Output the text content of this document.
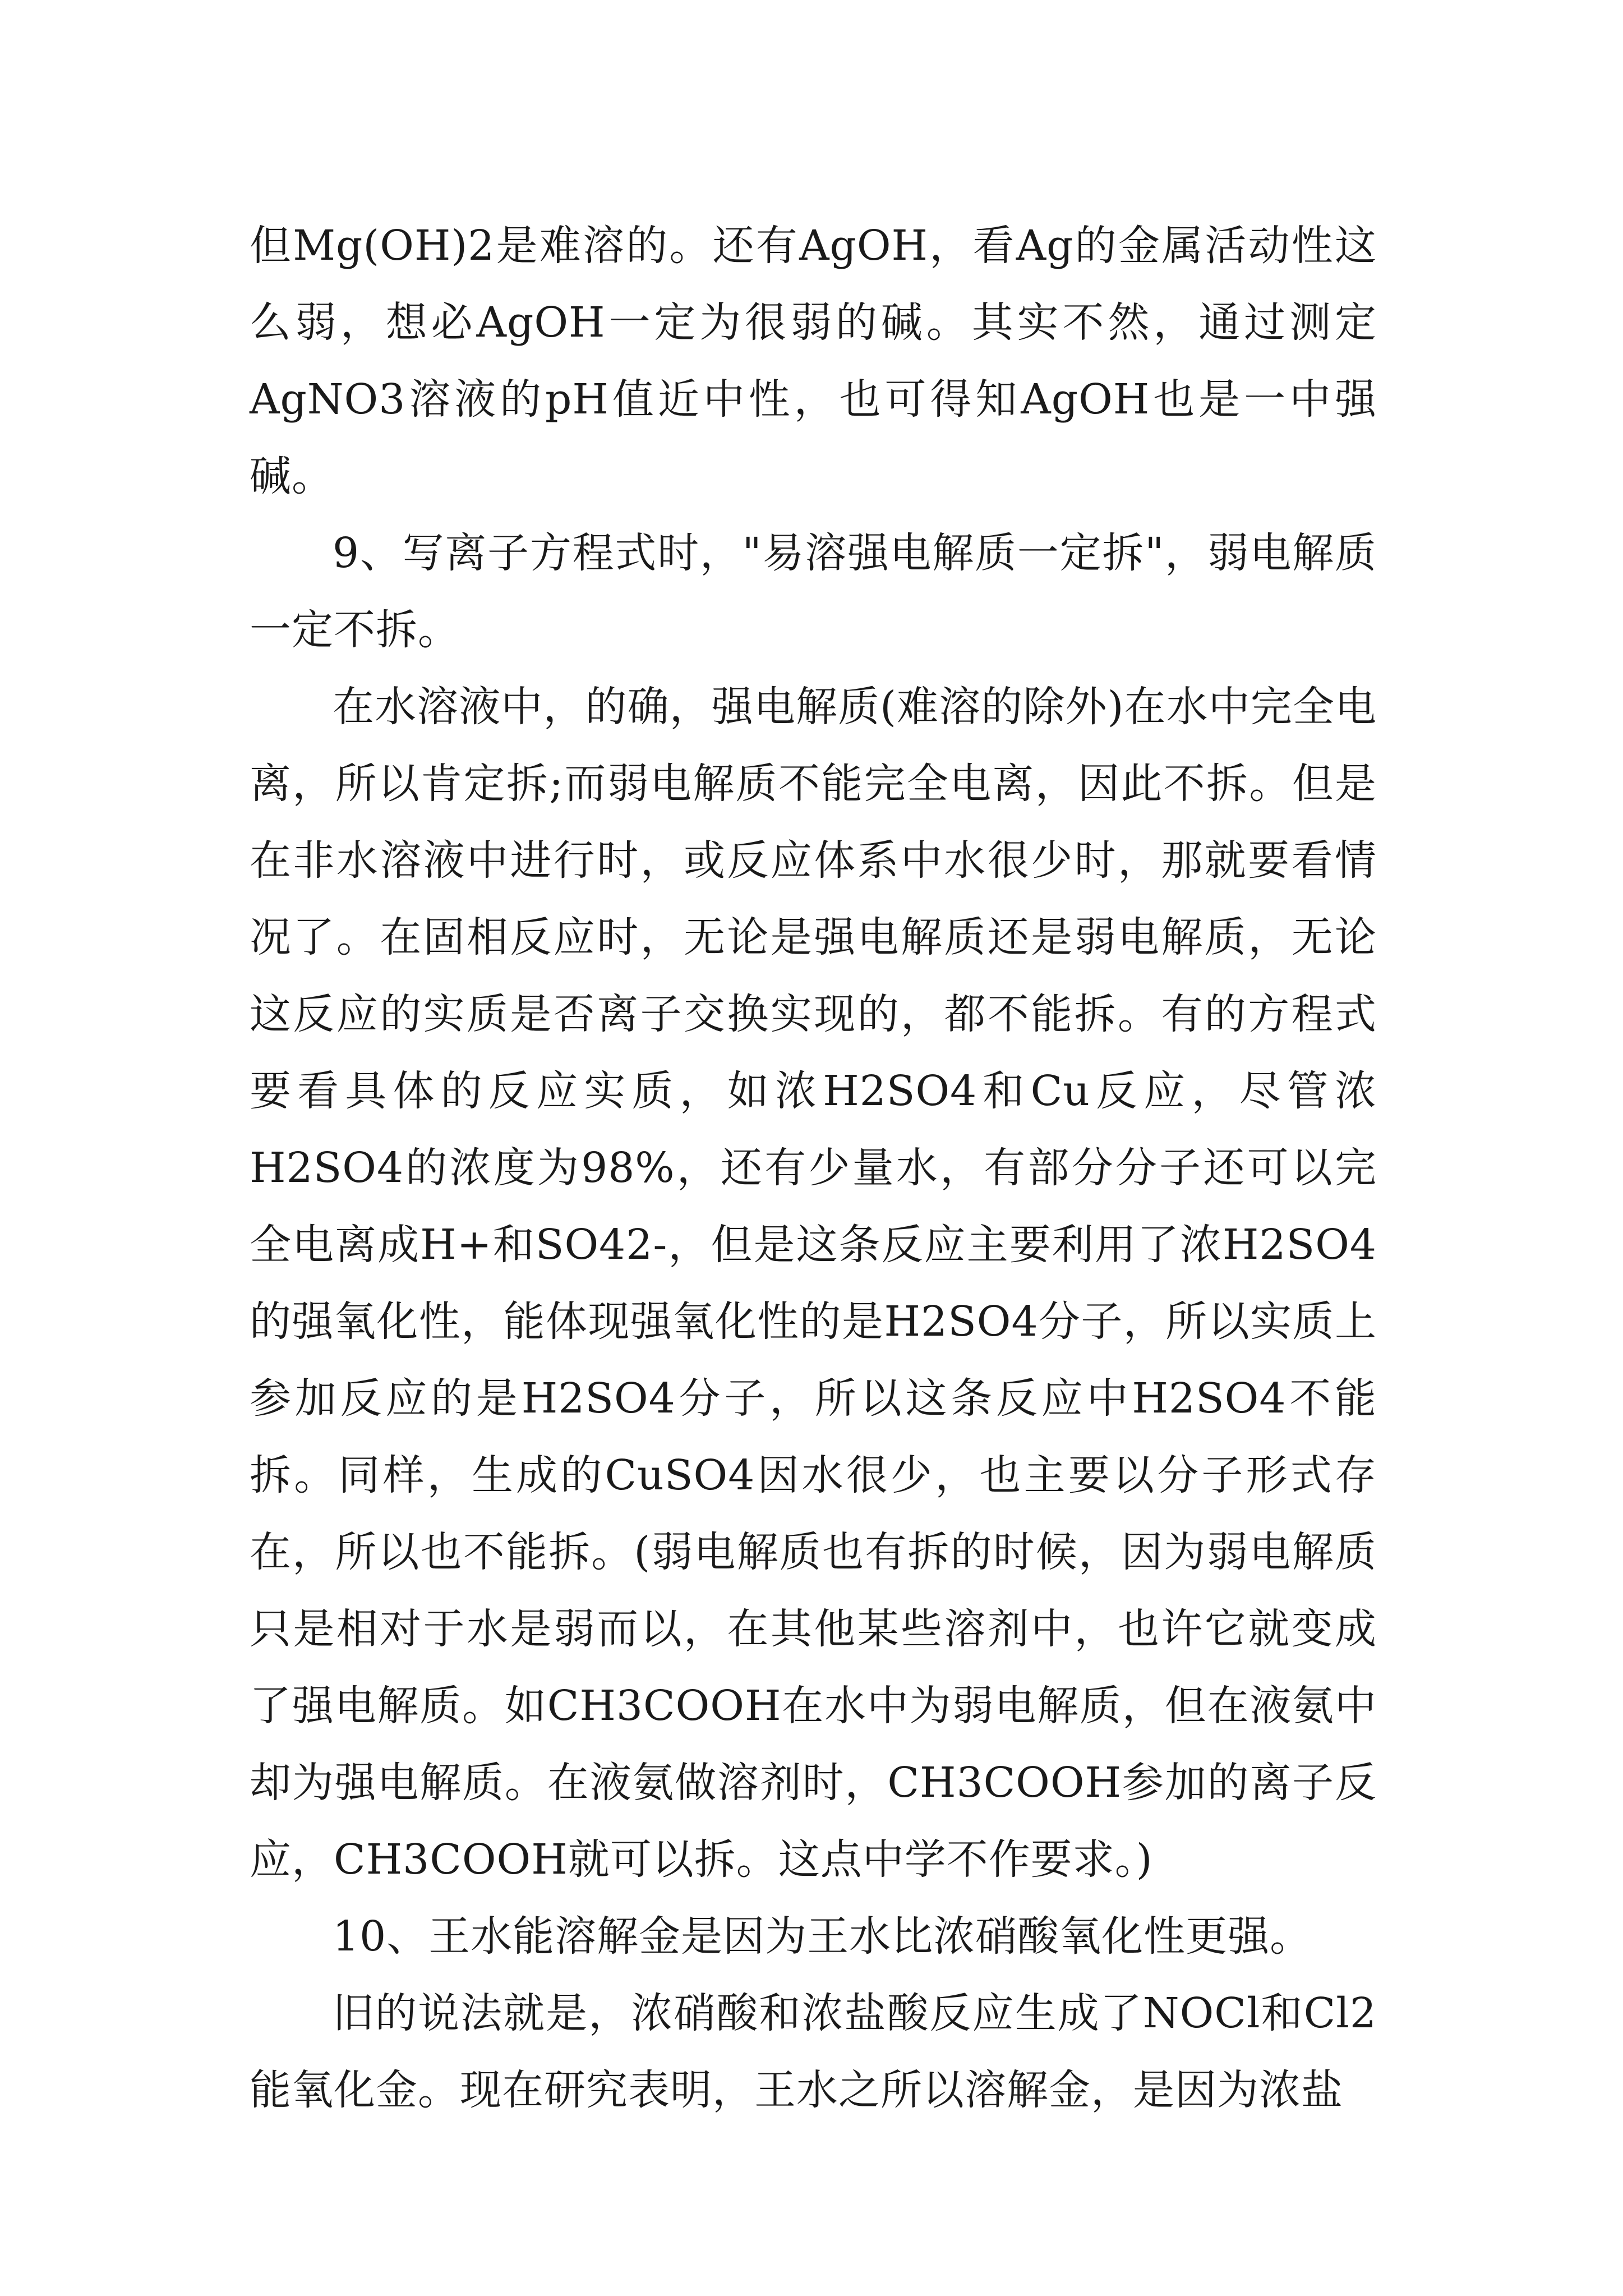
但Mg(OH)2是难溶的。还有AgOH，看Ag的金属活动性这么弱，想必AgOH一定为很弱的碱。其实不然，通过测定AgNO3溶液的pH值近中性，也可得知AgOH也是一中强碱。

9、写离子方程式时，"易溶强电解质一定拆"，弱电解质一定不拆。

在水溶液中，的确，强电解质(难溶的除外)在水中完全电离，所以肯定拆;而弱电解质不能完全电离，因此不拆。但是在非水溶液中进行时，或反应体系中水很少时，那就要看情况了。在固相反应时，无论是强电解质还是弱电解质，无论这反应的实质是否离子交换实现的，都不能拆。有的方程式要看具体的反应实质，如浓H2SO4和Cu反应，尽管浓H2SO4的浓度为98%，还有少量水，有部分分子还可以完全电离成H+和SO42-，但是这条反应主要利用了浓H2SO4的强氧化性，能体现强氧化性的是H2SO4分子，所以实质上参加反应的是H2SO4分子，所以这条反应中H2SO4不能拆。同样，生成的CuSO4因水很少，也主要以分子形式存在，所以也不能拆。(弱电解质也有拆的时候，因为弱电解质只是相对于水是弱而以，在其他某些溶剂中，也许它就变成了强电解质。如CH3COOH在水中为弱电解质，但在液氨中却为强电解质。在液氨做溶剂时，CH3COOH参加的离子反应，CH3COOH就可以拆。这点中学不作要求。)

10、王水能溶解金是因为王水比浓硝酸氧化性更强。

旧的说法就是，浓硝酸和浓盐酸反应生成了NOCl和Cl2能氧化金。现在研究表明，王水之所以溶解金，是因为浓盐
